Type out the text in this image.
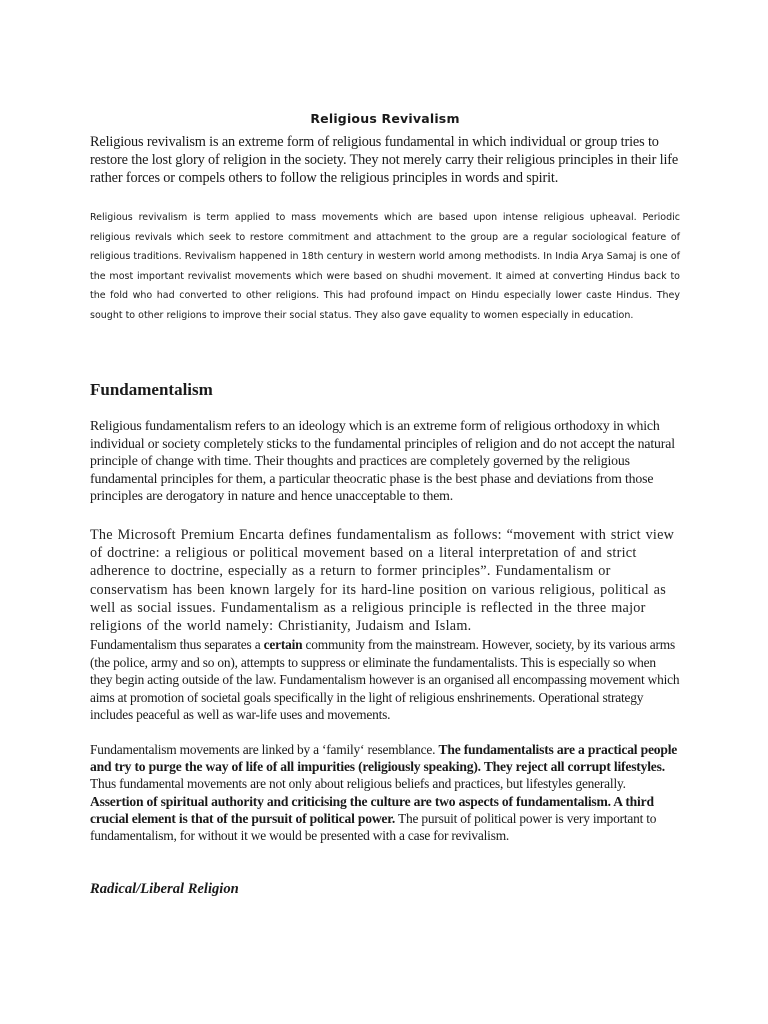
Religious Revivalism

Religious revivalism is an extreme form of religious fundamental in which individual or group tries to restore the lost glory of religion in the society. They not merely carry their religious principles in their life rather forces or compels others to follow the religious principles in words and spirit.

Religious revivalism is term applied to mass movements which are based upon intense religious upheaval. Periodic religious revivals which seek to restore commitment and attachment to the group are a regular sociological feature of religious traditions. Revivalism happened in 18th century in western world among methodists. In India Arya Samaj is one of the most important revivalist movements which were based on shudhi movement. It aimed at converting Hindus back to the fold who had converted to other religions. This had profound impact on Hindu especially lower caste Hindus. They sought to other religions to improve their social status. They also gave equality to women especially in education.

Fundamentalism

Religious fundamentalism refers to an ideology which is an extreme form of religious orthodoxy in which individual or society completely sticks to the fundamental principles of religion and do not accept the natural principle of change with time. Their thoughts and practices are completely governed by the religious fundamental principles for them, a particular theocratic phase is the best phase and deviations from those principles are derogatory in nature and hence unacceptable to them.

The Microsoft Premium Encarta defines fundamentalism as follows: “movement with strict view of doctrine: a religious or political movement based on a literal interpretation of and strict adherence to doctrine, especially as a return to former principles”. Fundamentalism or conservatism has been known largely for its hard-line position on various religious, political as well as social issues. Fundamentalism as a religious principle is reflected in the three major religions of the world namely: Christianity, Judaism and Islam.

Fundamentalism thus separates a certain community from the mainstream. However, society, by its various arms (the police, army and so on), attempts to suppress or eliminate the fundamentalists. This is especially so when they begin acting outside of the law. Fundamentalism however is an organised all encompassing movement which aims at promotion of societal goals specifically in the light of religious enshrinements. Operational strategy includes peaceful as well as war-life uses and movements.

Fundamentalism movements are linked by a ‘family‘ resemblance. The fundamentalists are a practical people and try to purge the way of life of all impurities (religiously speaking). They reject all corrupt lifestyles. Thus fundamental movements are not only about religious beliefs and practices, but lifestyles generally. Assertion of spiritual authority and criticising the culture are two aspects of fundamentalism. A third crucial element is that of the pursuit of political power. The pursuit of political power is very important to fundamentalism, for without it we would be presented with a case for revivalism.

Radical/Liberal Religion
